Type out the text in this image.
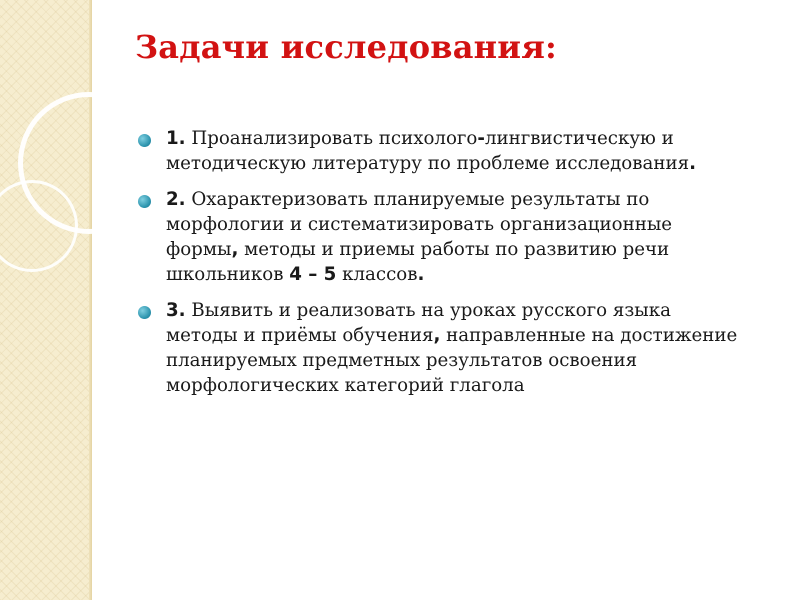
Задачи исследования:
1. Проанализировать психолого-лингвистическую и методическую литературу по проблеме исследования.
2. Охарактеризовать планируемые результаты по морфологии и систематизировать организационные формы, методы и приемы работы по развитию речи школьников 4 – 5 классов.
3. Выявить и реализовать на уроках русского языка методы и приёмы обучения, направленные на достижение планируемых предметных результатов освоения морфологических категорий глагола
